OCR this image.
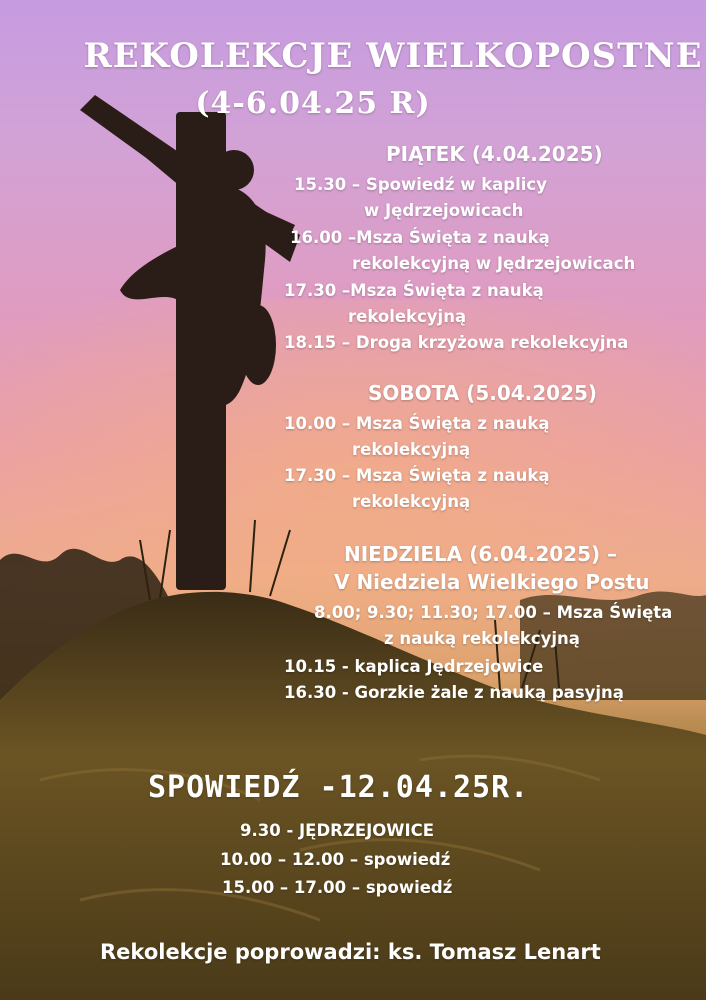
REKOLEKCJE WIELKOPOSTNE

(4-6.04.25 R)

PIĄTEK (4.04.2025)

15.30 – Spowiedź w kaplicy

w Jędrzejowicach

16.00 –Msza Święta z nauką

rekolekcyjną w Jędrzejowicach

17.30 –Msza Święta z nauką

rekolekcyjną

18.15 – Droga krzyżowa rekolekcyjna

SOBOTA (5.04.2025)

10.00 – Msza Święta z nauką

rekolekcyjną

17.30 – Msza Święta z nauką

rekolekcyjną

NIEDZIELA (6.04.2025) –

V Niedziela Wielkiego Postu

8.00; 9.30; 11.30; 17.00 – Msza Święta

z nauką rekolekcyjną

10.15 - kaplica Jędrzejowice

16.30 - Gorzkie żale z nauką pasyjną

SPOWIEDŹ -12.04.25R.

9.30 - JĘDRZEJOWICE

10.00 – 12.00 – spowiedź

15.00 – 17.00 – spowiedź

Rekolekcje poprowadzi: ks. Tomasz Lenart
